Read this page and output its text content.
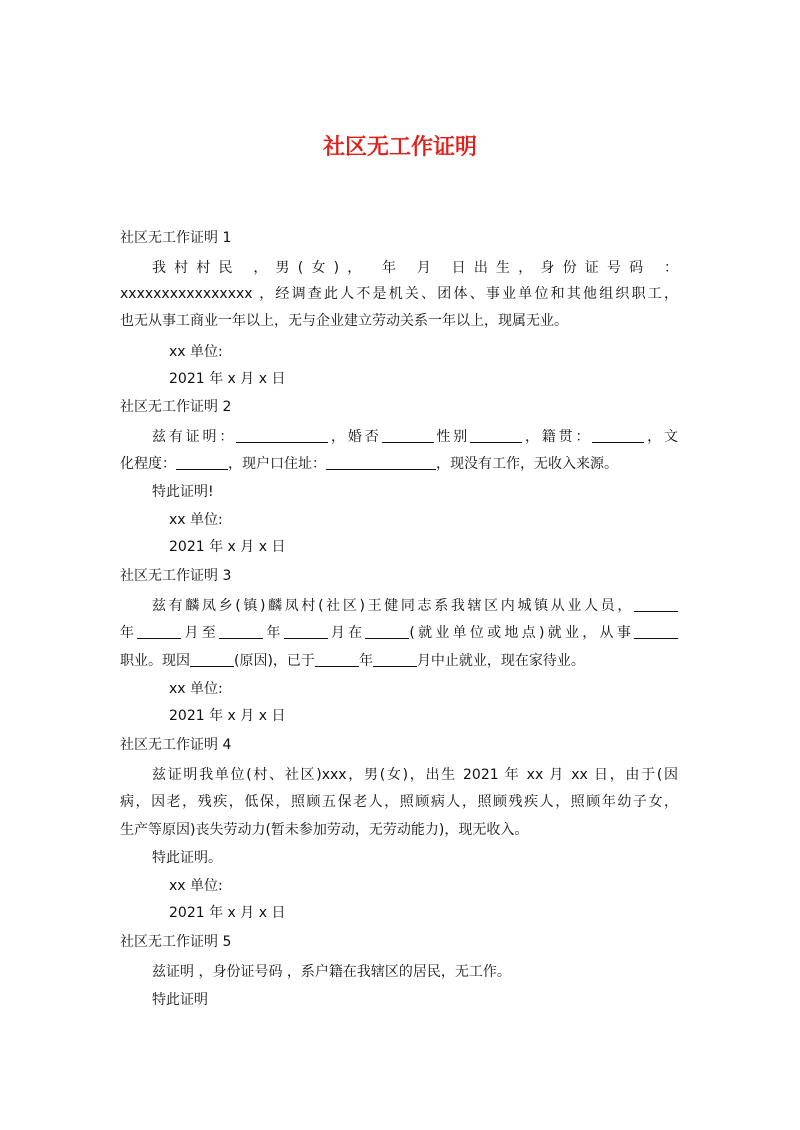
社区无工作证明
社区无工作证明 1
我村村民 ，男(女)， 年 月 日出生，身份证号码 ：
xxxxxxxxxxxxxxxx ，经调查此人不是机关、团体、事业单位和其他组织职工，
也无从事工商业一年以上，无与企业建立劳动关系一年以上，现属无业。
xx 单位:
2021 年 x 月 x 日
社区无工作证明 2
兹有证明：	，婚否	性别	，籍贯：	，文
化程度：	，现户口住址：	，现没有工作，无收入来源。
特此证明!
xx 单位:
2021 年 x 月 x 日
社区无工作证明 3
兹有麟凤乡(镇)麟凤村(社区)王健同志系我辖区内城镇从业人员，
年	月至	年	月在	(就业单位或地点)就业，从事
职业。现因	(原因)，已于	年	月中止就业，现在家待业。
xx 单位:
2021 年 x 月 x 日
社区无工作证明 4
兹证明我单位(村、社区)xxx，男(女)，出生 2021 年 xx 月 xx 日，由于(因
病，因老，残疾，低保，照顾五保老人，照顾病人，照顾残疾人，照顾年幼子女，
生产等原因)丧失劳动力(暂未参加劳动，无劳动能力)，现无收入。
特此证明。
xx 单位:
2021 年 x 月 x 日
社区无工作证明 5
兹证明 ，身份证号码 ，系户籍在我辖区的居民，无工作。
特此证明
